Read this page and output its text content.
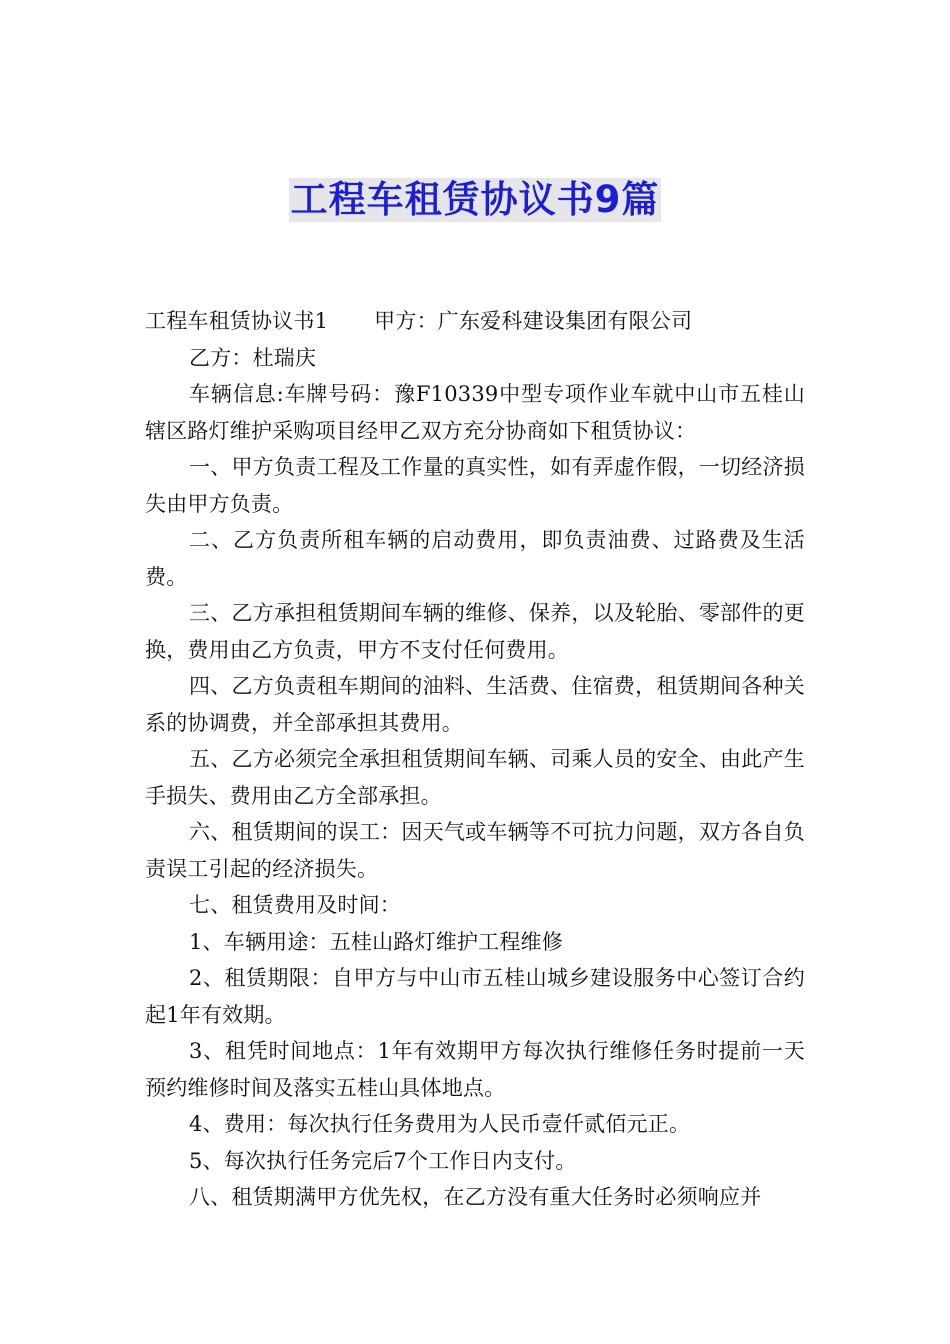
工程车租赁协议书9篇

工程车租赁协议书1 甲方：广东爱科建设集团有限公司

乙方：杜瑞庆

车辆信息:车牌号码：豫F10339中型专项作业车就中山市五桂山辖区路灯维护采购项目经甲乙双方充分协商如下租赁协议：

一、甲方负责工程及工作量的真实性，如有弄虚作假，一切经济损失由甲方负责。

二、乙方负责所租车辆的启动费用，即负责油费、过路费及生活费。

三、乙方承担租赁期间车辆的维修、保养，以及轮胎、零部件的更换，费用由乙方负责，甲方不支付任何费用。

四、乙方负责租车期间的油料、生活费、住宿费，租赁期间各种关系的协调费，并全部承担其费用。

五、乙方必须完全承担租赁期间车辆、司乘人员的安全、由此产生手损失、费用由乙方全部承担。

六、租赁期间的误工：因天气或车辆等不可抗力问题，双方各自负责误工引起的经济损失。

七、租赁费用及时间：

1、车辆用途：五桂山路灯维护工程维修

2、租赁期限：自甲方与中山市五桂山城乡建设服务中心签订合约起1年有效期。

3、租凭时间地点：1年有效期甲方每次执行维修任务时提前一天预约维修时间及落实五桂山具体地点。

4、费用：每次执行任务费用为人民币壹仟贰佰元正。

5、每次执行任务完后7个工作日内支付。

八、租赁期满甲方优先权，在乙方没有重大任务时必须响应并
